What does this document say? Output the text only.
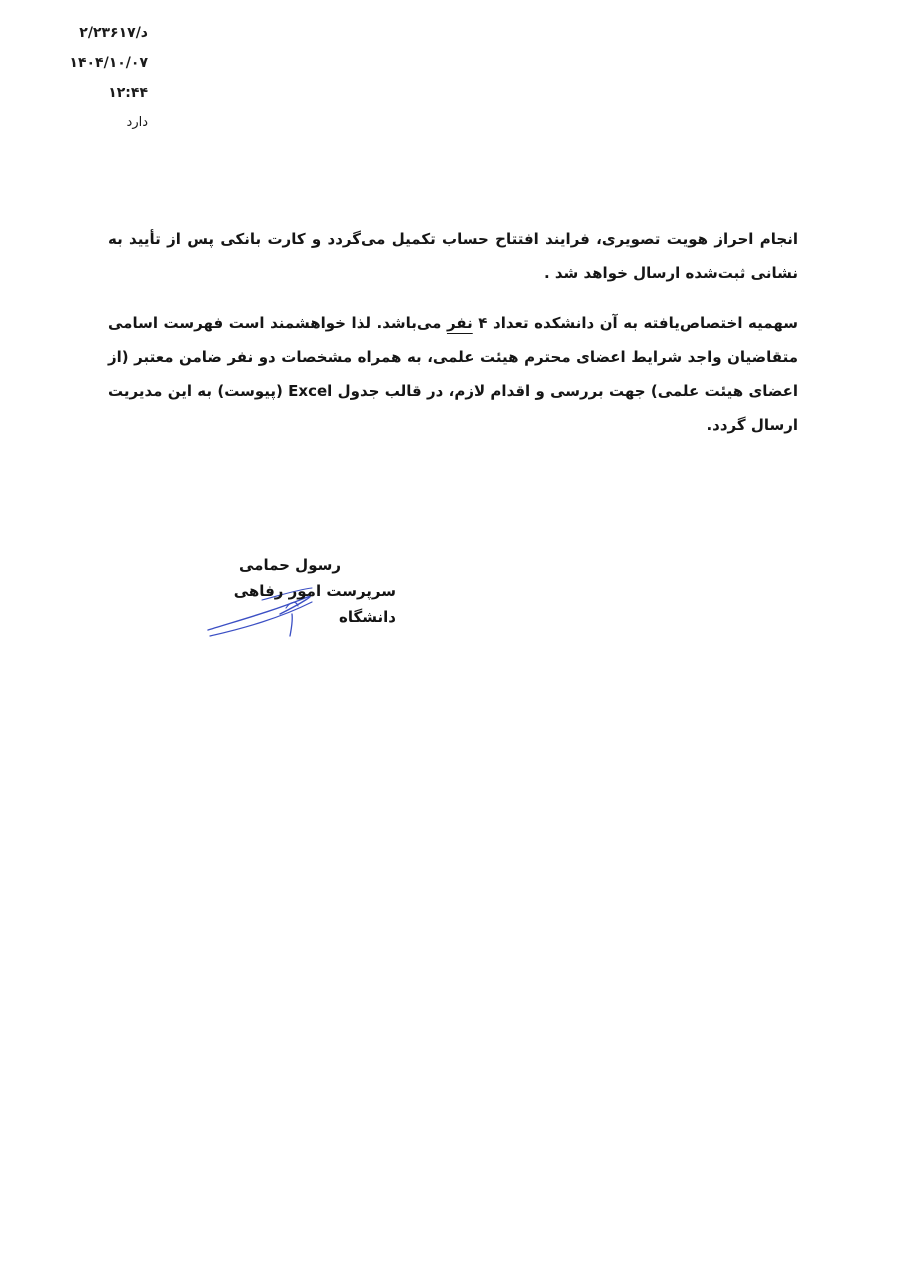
د/۲/۲۳۶۱۷
۱۴۰۴/۱۰/۰۷
۱۲:۴۴
دارد
انجام احراز هویت تصویری، فرایند افتتاح حساب تکمیل می‌گردد و کارت بانکی پس از تأیید به نشانی ثبت‌شده ارسال خواهد شد .
سهمیه اختصاص‌یافته به آن دانشکده تعداد ۴ نفر می‌باشد. لذا خواهشمند است فهرست اسامی متقاضیان واجد شرایط اعضای محترم هیئت علمی، به همراه مشخصات دو نفر ضامن معتبر (از اعضای هیئت علمی) جهت بررسی و اقدام لازم، در قالب جدول Excel (پیوست) به این مدیریت ارسال گردد.
رسول حمامی
سرپرست امور رفاهی دانشگاه
